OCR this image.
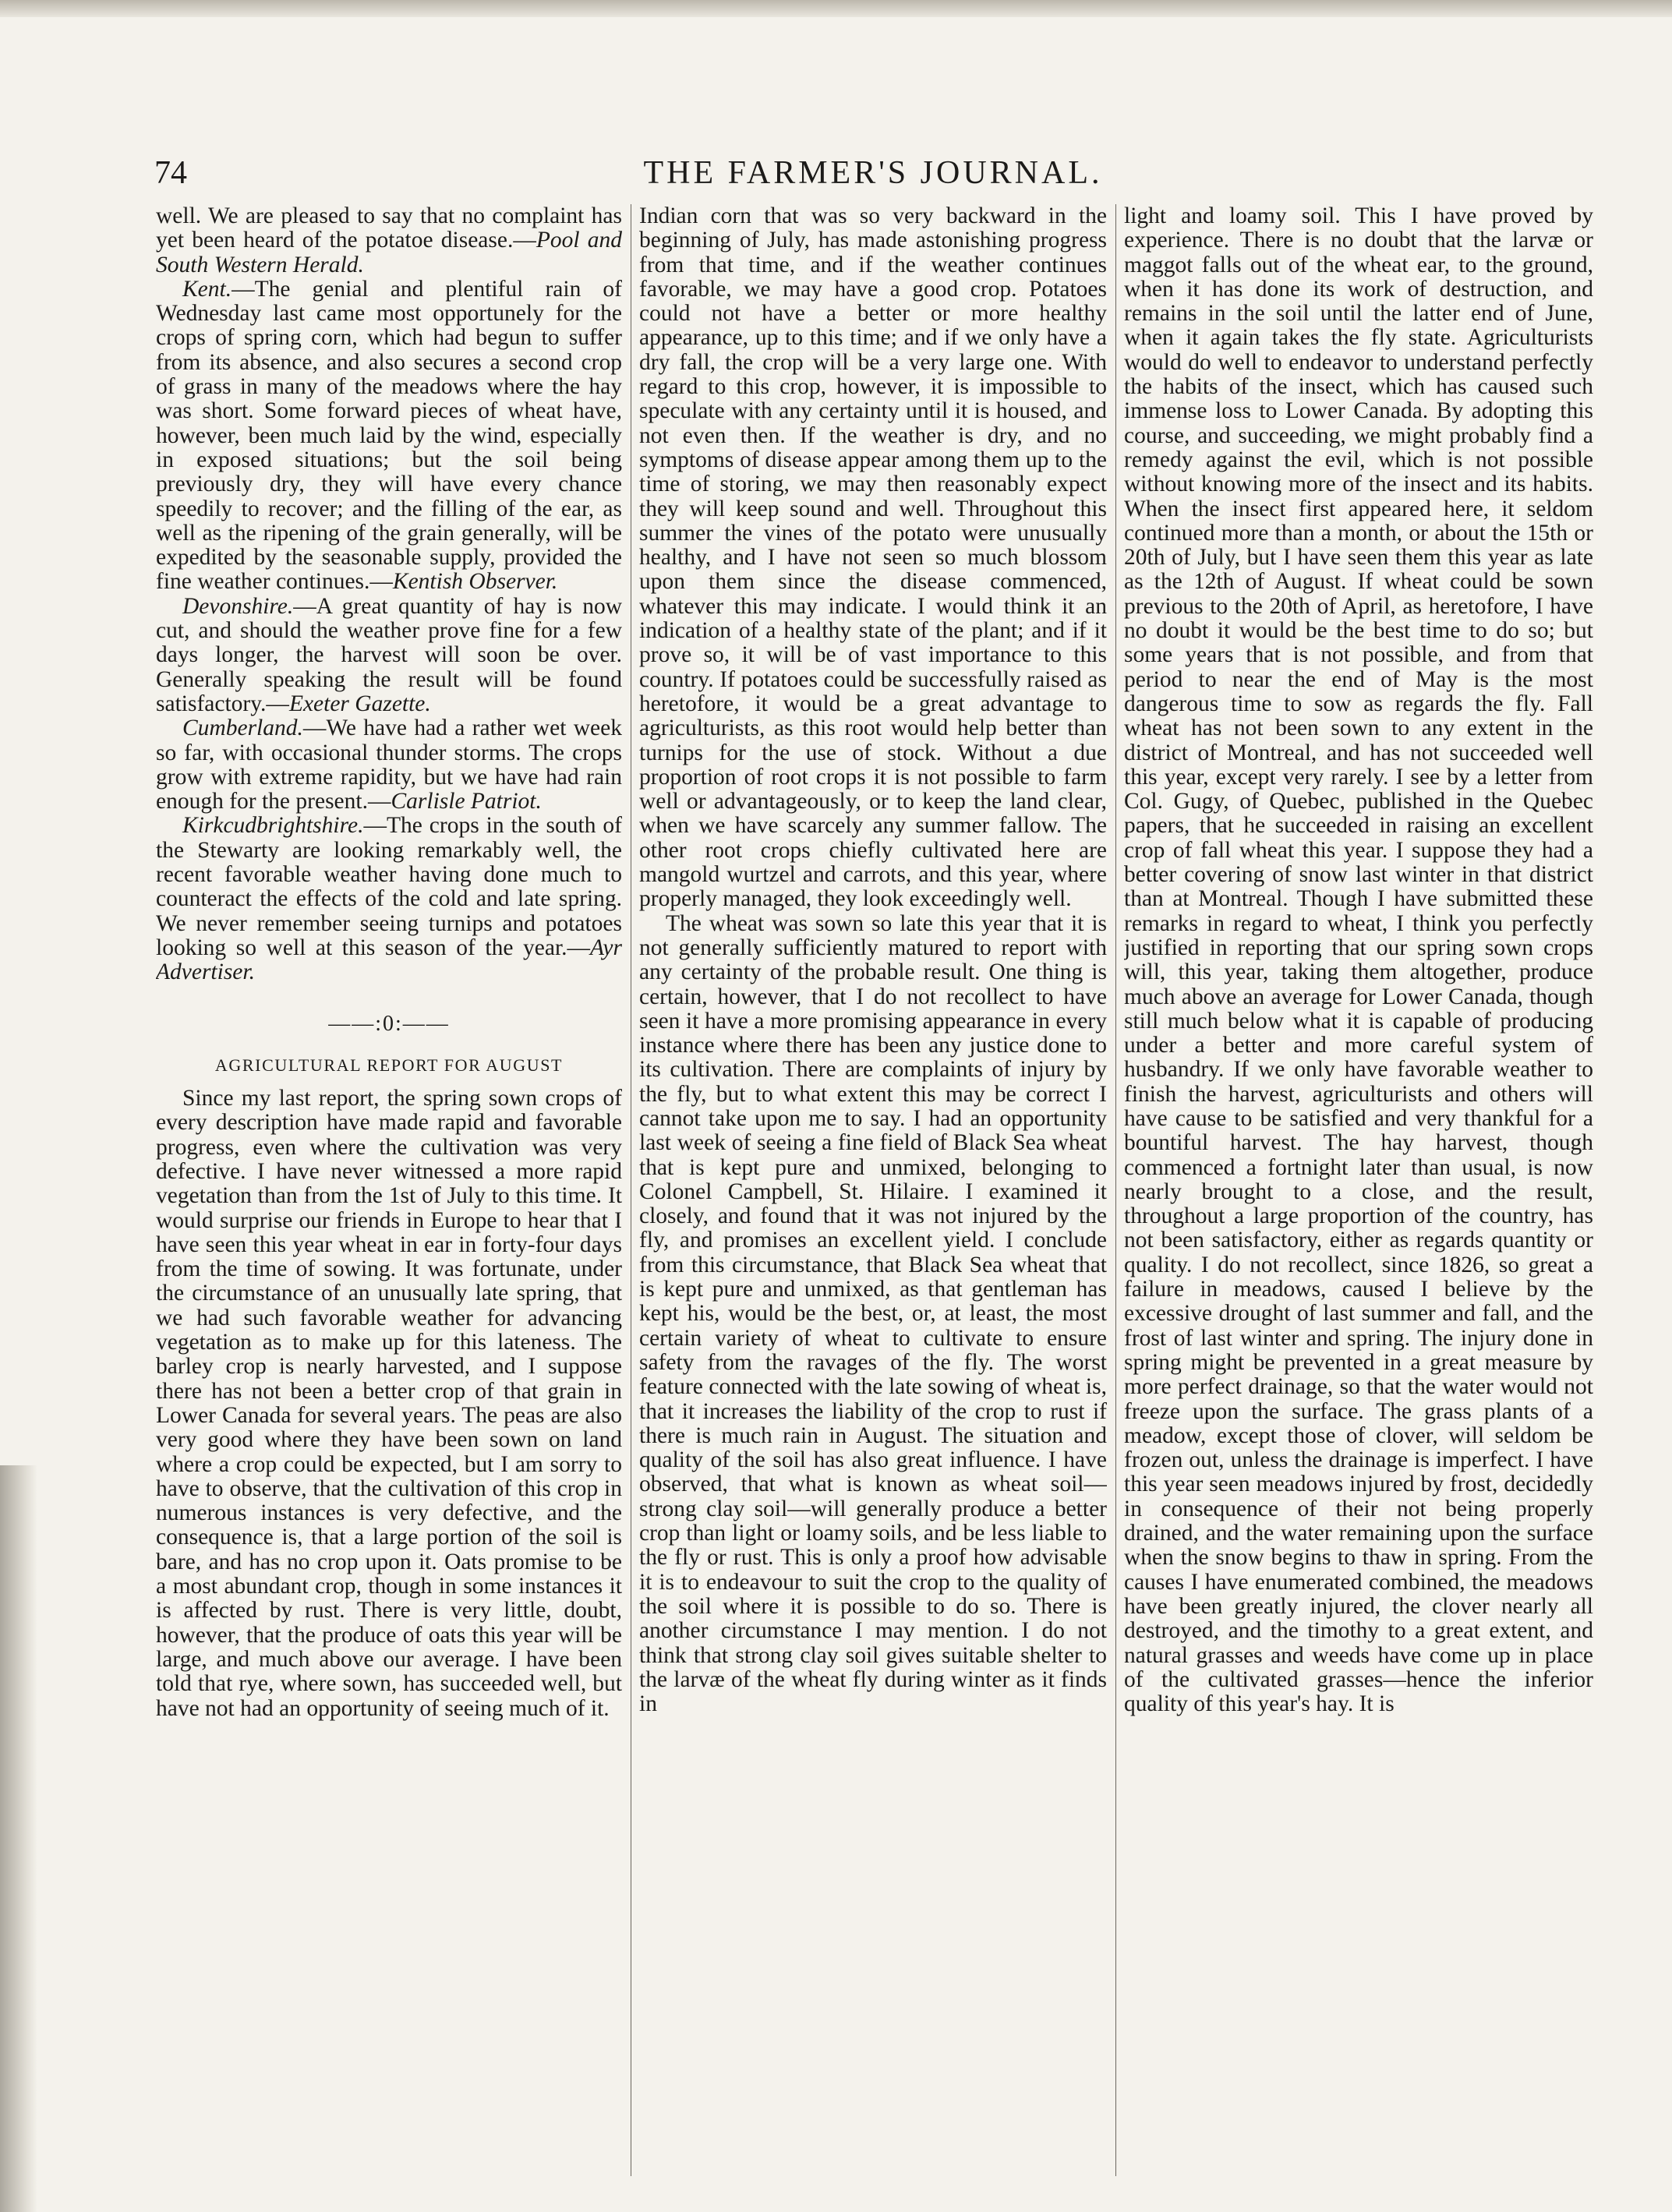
74	THE FARMER'S JOURNAL.

well. We are pleased to say that no complaint has yet been heard of the potatoe disease.—Pool and South Western Herald.

Kent.—The genial and plentiful rain of Wednesday last came most opportunely for the crops of spring corn, which had begun to suffer from its absence, and also secures a second crop of grass in many of the meadows where the hay was short. Some forward pieces of wheat have, however, been much laid by the wind, especially in exposed situations; but the soil being previously dry, they will have every chance speedily to recover; and the filling of the ear, as well as the ripening of the grain generally, will be expedited by the seasonable supply, provided the fine weather continues.—Kentish Observer.

Devonshire.—A great quantity of hay is now cut, and should the weather prove fine for a few days longer, the harvest will soon be over. Generally speaking the result will be found satisfactory.—Exeter Gazette.

Cumberland.—We have had a rather wet week so far, with occasional thunder storms. The crops grow with extreme rapidity, but we have had rain enough for the present.—Carlisle Patriot.

Kirkcudbrightshire.—The crops in the south of the Stewarty are looking remarkably well, the recent favorable weather having done much to counteract the effects of the cold and late spring. We never remember seeing turnips and potatoes looking so well at this season of the year.—Ayr Advertiser.

——:0:——
AGRICULTURAL REPORT FOR AUGUST

Since my last report, the spring sown crops of every description have made rapid and favorable progress, even where the cultivation was very defective. I have never witnessed a more rapid vegetation than from the 1st of July to this time. It would surprise our friends in Europe to hear that I have seen this year wheat in ear in forty-four days from the time of sowing. It was fortunate, under the circumstance of an unusually late spring, that we had such favorable weather for advancing vegetation as to make up for this lateness. The barley crop is nearly harvested, and I suppose there has not been a better crop of that grain in Lower Canada for several years. The peas are also very good where they have been sown on land where a crop could be expected, but I am sorry to have to observe, that the cultivation of this crop in numerous instances is very defective, and the consequence is, that a large portion of the soil is bare, and has no crop upon it. Oats promise to be a most abundant crop, though in some instances it is affected by rust. There is very little, doubt, however, that the produce of oats this year will be large, and much above our average. I have been told that rye, where sown, has succeeded well, but have not had an opportunity of seeing much of it.

Indian corn that was so very backward in the beginning of July, has made astonishing progress from that time, and if the weather continues favorable, we may have a good crop. Potatoes could not have a better or more healthy appearance, up to this time; and if we only have a dry fall, the crop will be a very large one. With regard to this crop, however, it is impossible to speculate with any certainty until it is housed, and not even then. If the weather is dry, and no symptoms of disease appear among them up to the time of storing, we may then reasonably expect they will keep sound and well. Throughout this summer the vines of the potato were unusually healthy, and I have not seen so much blossom upon them since the disease commenced, whatever this may indicate. I would think it an indication of a healthy state of the plant; and if it prove so, it will be of vast importance to this country. If potatoes could be successfully raised as heretofore, it would be a great advantage to agriculturists, as this root would help better than turnips for the use of stock. Without a due proportion of root crops it is not possible to farm well or advantageously, or to keep the land clear, when we have scarcely any summer fallow. The other root crops chiefly cultivated here are mangold wurtzel and carrots, and this year, where properly managed, they look exceedingly well.

The wheat was sown so late this year that it is not generally sufficiently matured to report with any certainty of the probable result. One thing is certain, however, that I do not recollect to have seen it have a more promising appearance in every instance where there has been any justice done to its cultivation. There are complaints of injury by the fly, but to what extent this may be correct I cannot take upon me to say. I had an opportunity last week of seeing a fine field of Black Sea wheat that is kept pure and unmixed, belonging to Colonel Campbell, St. Hilaire. I examined it closely, and found that it was not injured by the fly, and promises an excellent yield. I conclude from this circumstance, that Black Sea wheat that is kept pure and unmixed, as that gentleman has kept his, would be the best, or, at least, the most certain variety of wheat to cultivate to ensure safety from the ravages of the fly. The worst feature connected with the late sowing of wheat is, that it increases the liability of the crop to rust if there is much rain in August. The situation and quality of the soil has also great influence. I have observed, that what is known as wheat soil—strong clay soil—will generally produce a better crop than light or loamy soils, and be less liable to the fly or rust. This is only a proof how advisable it is to endeavour to suit the crop to the quality of the soil where it is possible to do so. There is another circumstance I may mention. I do not think that strong clay soil gives suitable shelter to the larvæ of the wheat fly during winter as it finds in

light and loamy soil. This I have proved by experience. There is no doubt that the larvæ or maggot falls out of the wheat ear, to the ground, when it has done its work of destruction, and remains in the soil until the latter end of June, when it again takes the fly state. Agriculturists would do well to endeavor to understand perfectly the habits of the insect, which has caused such immense loss to Lower Canada. By adopting this course, and succeeding, we might probably find a remedy against the evil, which is not possible without knowing more of the insect and its habits. When the insect first appeared here, it seldom continued more than a month, or about the 15th or 20th of July, but I have seen them this year as late as the 12th of August. If wheat could be sown previous to the 20th of April, as heretofore, I have no doubt it would be the best time to do so; but some years that is not possible, and from that period to near the end of May is the most dangerous time to sow as regards the fly. Fall wheat has not been sown to any extent in the district of Montreal, and has not succeeded well this year, except very rarely. I see by a letter from Col. Gugy, of Quebec, published in the Quebec papers, that he succeeded in raising an excellent crop of fall wheat this year. I suppose they had a better covering of snow last winter in that district than at Montreal. Though I have submitted these remarks in regard to wheat, I think you perfectly justified in reporting that our spring sown crops will, this year, taking them altogether, produce much above an average for Lower Canada, though still much below what it is capable of producing under a better and more careful system of husbandry. If we only have favorable weather to finish the harvest, agriculturists and others will have cause to be satisfied and very thankful for a bountiful harvest. The hay harvest, though commenced a fortnight later than usual, is now nearly brought to a close, and the result, throughout a large proportion of the country, has not been satisfactory, either as regards quantity or quality. I do not recollect, since 1826, so great a failure in meadows, caused I believe by the excessive drought of last summer and fall, and the frost of last winter and spring. The injury done in spring might be prevented in a great measure by more perfect drainage, so that the water would not freeze upon the surface. The grass plants of a meadow, except those of clover, will seldom be frozen out, unless the drainage is imperfect. I have this year seen meadows injured by frost, decidedly in consequence of their not being properly drained, and the water remaining upon the surface when the snow begins to thaw in spring. From the causes I have enumerated combined, the meadows have been greatly injured, the clover nearly all destroyed, and the timothy to a great extent, and natural grasses and weeds have come up in place of the cultivated grasses—hence the inferior quality of this year's hay. It is
